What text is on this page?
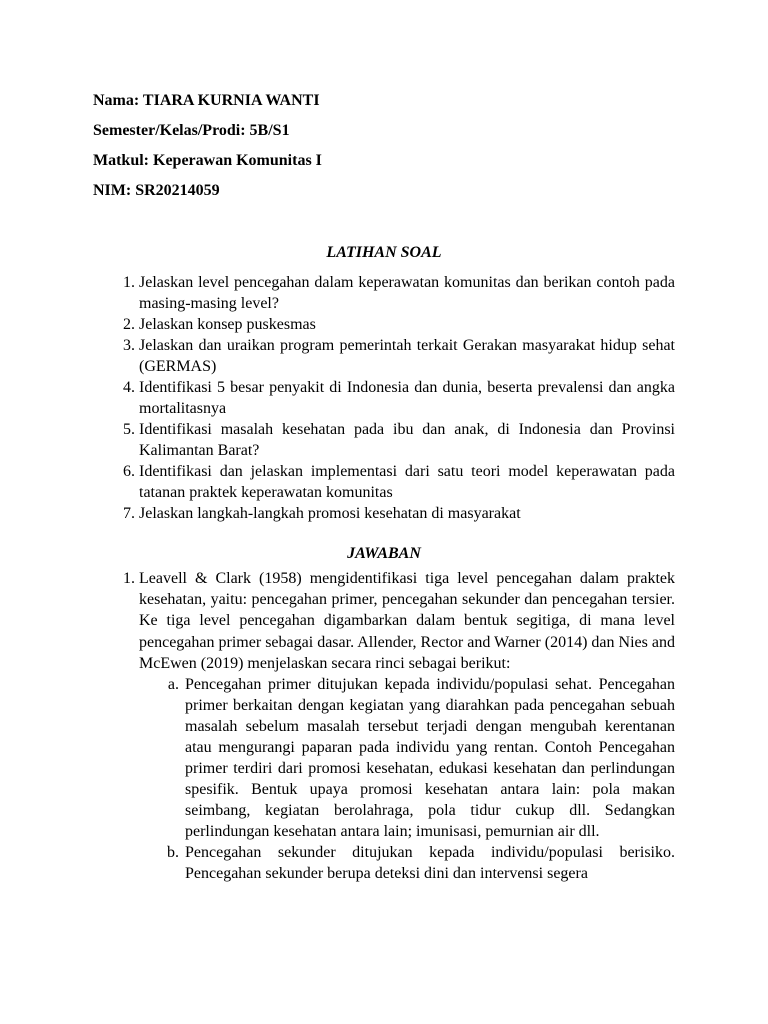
Nama: TIARA KURNIA WANTI
Semester/Kelas/Prodi: 5B/S1
Matkul: Keperawan Komunitas I
NIM: SR20214059
LATIHAN SOAL
1. Jelaskan level pencegahan dalam keperawatan komunitas dan berikan contoh pada masing-masing level?
2. Jelaskan konsep puskesmas
3. Jelaskan dan uraikan program pemerintah terkait Gerakan masyarakat hidup sehat (GERMAS)
4. Identifikasi 5 besar penyakit di Indonesia dan dunia, beserta prevalensi dan angka mortalitasnya
5. Identifikasi masalah kesehatan pada ibu dan anak, di Indonesia dan Provinsi Kalimantan Barat?
6. Identifikasi dan jelaskan implementasi dari satu teori model keperawatan pada tatanan praktek keperawatan komunitas
7. Jelaskan langkah-langkah promosi kesehatan di masyarakat
JAWABAN
1. Leavell & Clark (1958) mengidentifikasi tiga level pencegahan dalam praktek kesehatan, yaitu: pencegahan primer, pencegahan sekunder dan pencegahan tersier. Ke tiga level pencegahan digambarkan dalam bentuk segitiga, di mana level pencegahan primer sebagai dasar. Allender, Rector and Warner (2014) dan Nies and McEwen (2019) menjelaskan secara rinci sebagai berikut:

a. Pencegahan primer ditujukan kepada individu/populasi sehat. Pencegahan primer berkaitan dengan kegiatan yang diarahkan pada pencegahan sebuah masalah sebelum masalah tersebut terjadi dengan mengubah kerentanan atau mengurangi paparan pada individu yang rentan. Contoh Pencegahan primer terdiri dari promosi kesehatan, edukasi kesehatan dan perlindungan spesifik. Bentuk upaya promosi kesehatan antara lain: pola makan seimbang, kegiatan berolahraga, pola tidur cukup dll. Sedangkan perlindungan kesehatan antara lain; imunisasi, pemurnian air dll.
b. Pencegahan sekunder ditujukan kepada individu/populasi berisiko. Pencegahan sekunder berupa deteksi dini dan intervensi segera
